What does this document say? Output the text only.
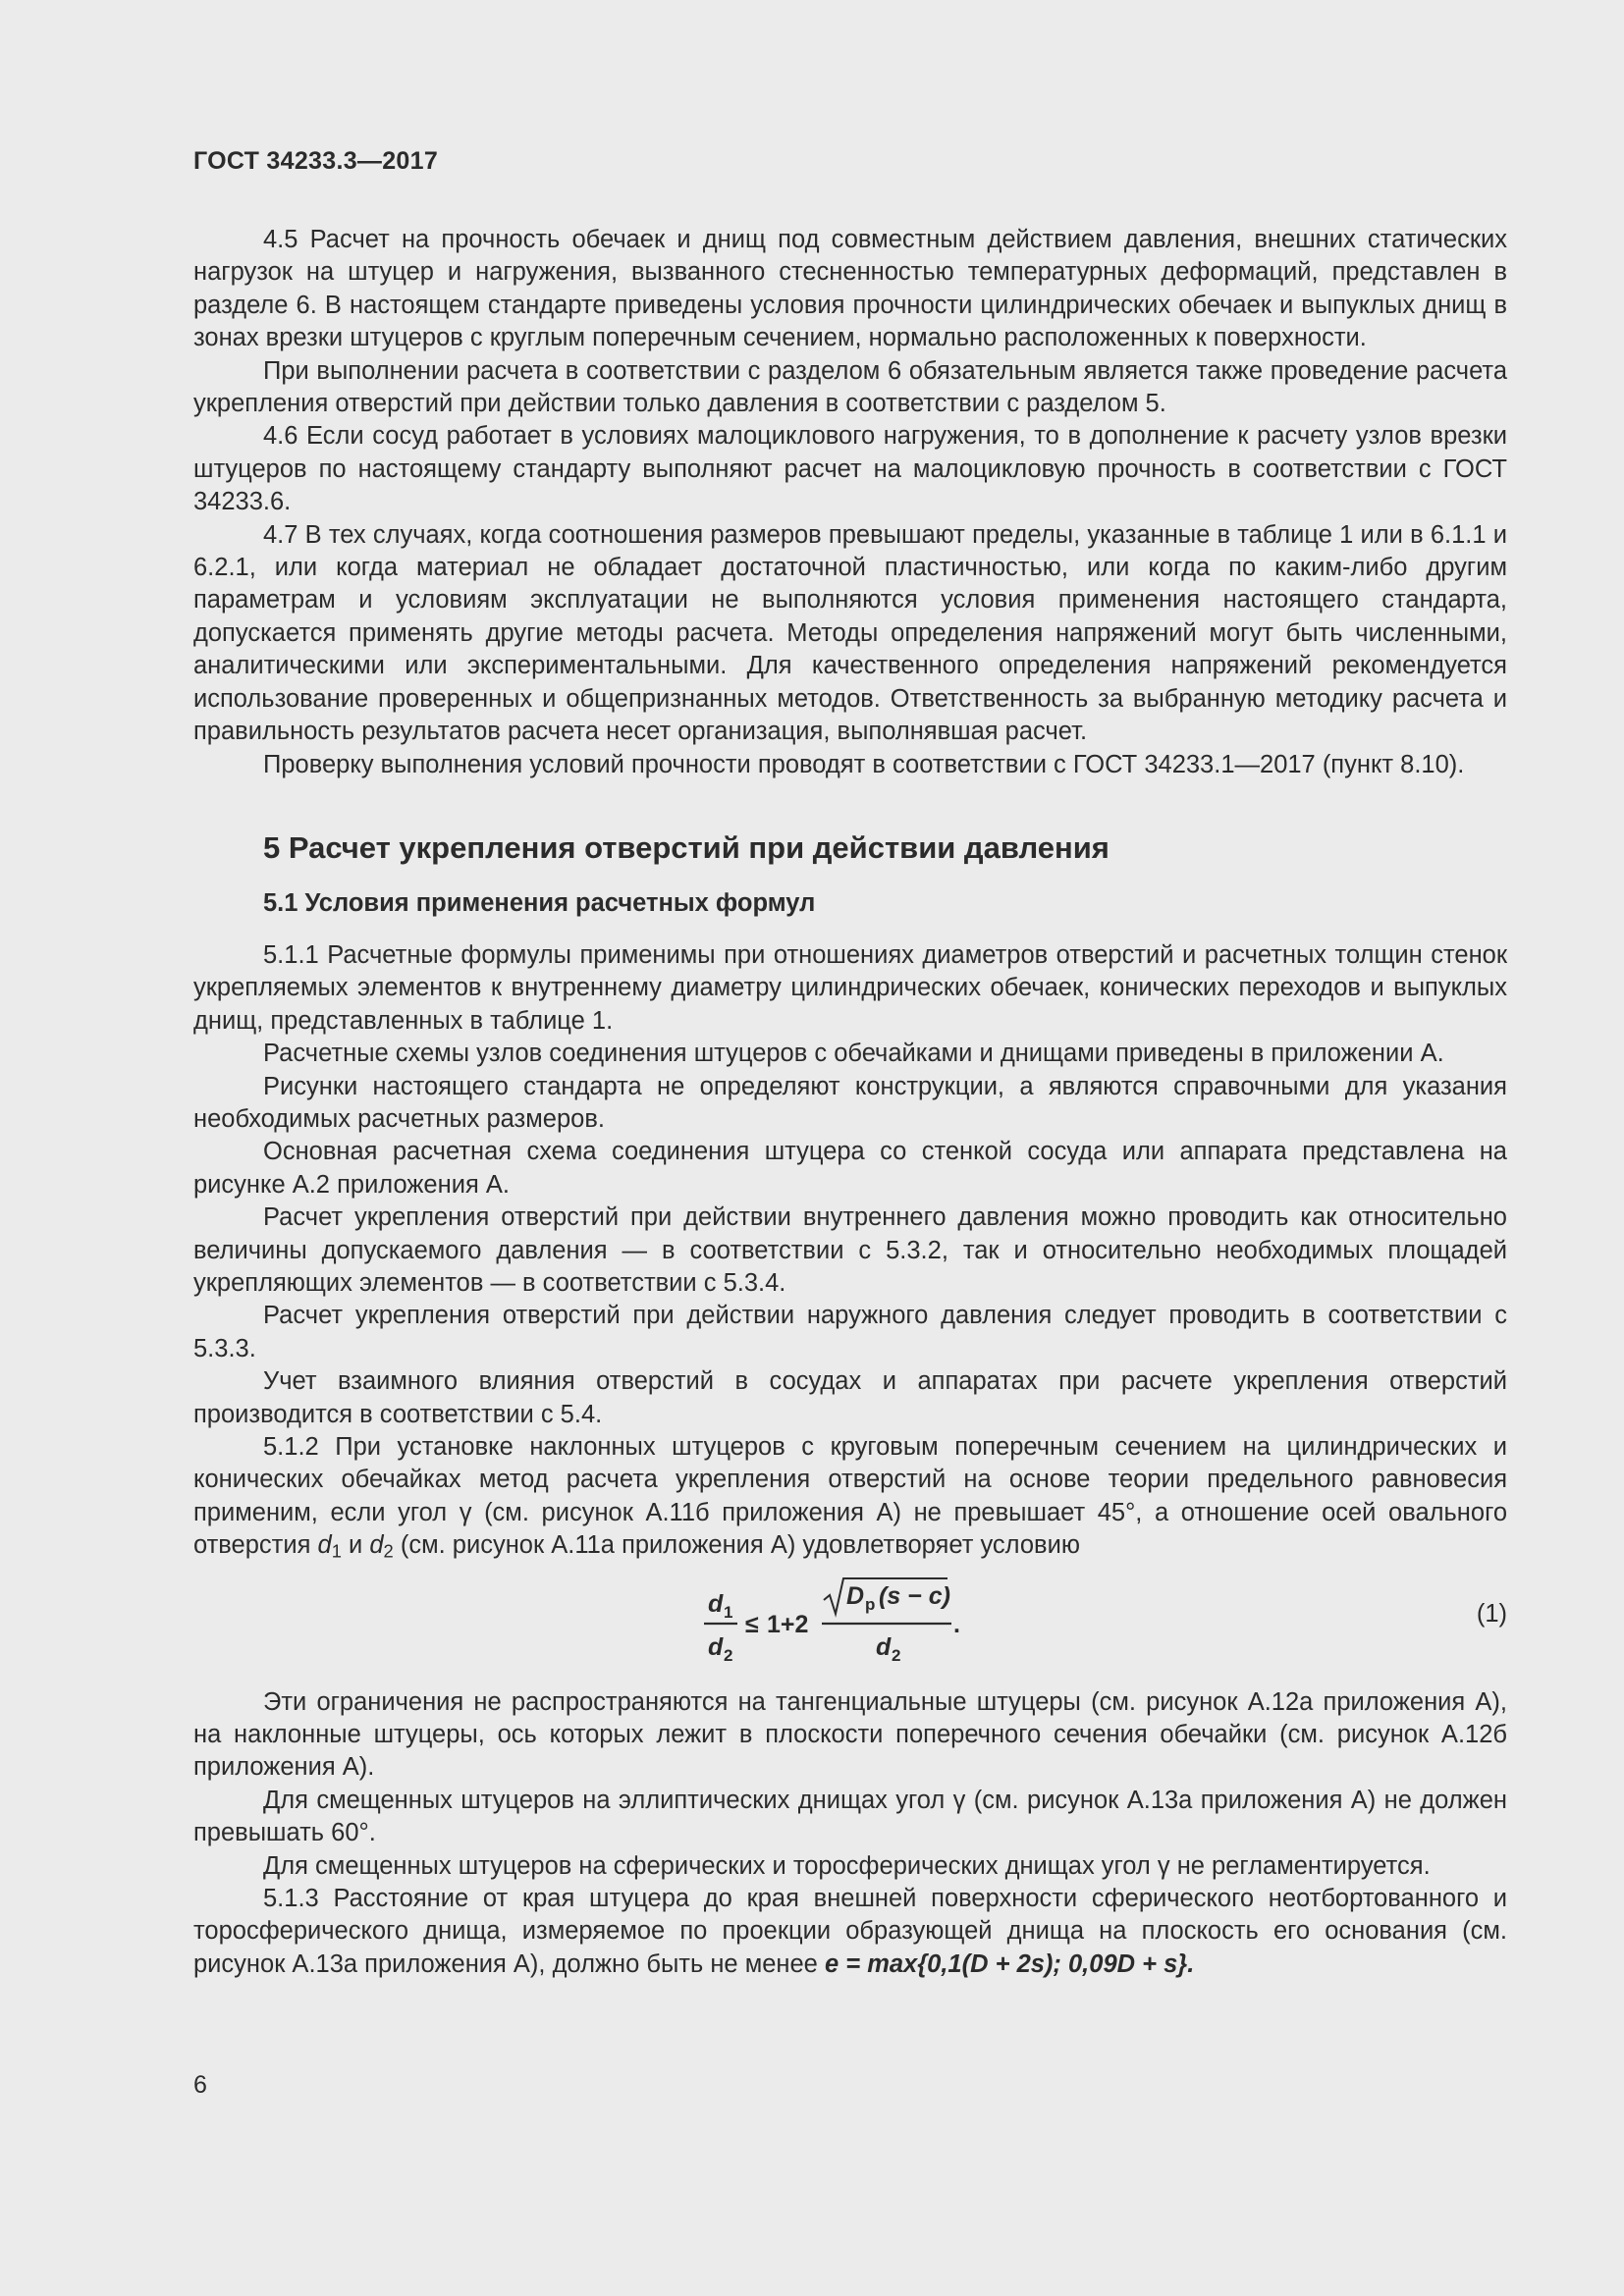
ГОСТ 34233.3—2017

4.5 Расчет на прочность обечаек и днищ под совместным действием давления, внешних статических нагрузок на штуцер и нагружения, вызванного стесненностью температурных деформаций, представлен в разделе 6. В настоящем стандарте приведены условия прочности цилиндрических обечаек и выпуклых днищ в зонах врезки штуцеров с круглым поперечным сечением, нормально расположенных к поверхности.

При выполнении расчета в соответствии с разделом 6 обязательным является также проведение расчета укрепления отверстий при действии только давления в соответствии с разделом 5.

4.6 Если сосуд работает в условиях малоциклового нагружения, то в дополнение к расчету узлов врезки штуцеров по настоящему стандарту выполняют расчет на малоцикловую прочность в соответствии с ГОСТ 34233.6.

4.7 В тех случаях, когда соотношения размеров превышают пределы, указанные в таблице 1 или в 6.1.1 и 6.2.1, или когда материал не обладает достаточной пластичностью, или когда по каким-либо другим параметрам и условиям эксплуатации не выполняются условия применения настоящего стандарта, допускается применять другие методы расчета. Методы определения напряжений могут быть численными, аналитическими или экспериментальными. Для качественного определения напряжений рекомендуется использование проверенных и общепризнанных методов. Ответственность за выбранную методику расчета и правильность результатов расчета несет организация, выполнявшая расчет.

Проверку выполнения условий прочности проводят в соответствии с ГОСТ 34233.1—2017 (пункт 8.10).

5 Расчет укрепления отверстий при действии давления
5.1 Условия применения расчетных формул

5.1.1 Расчетные формулы применимы при отношениях диаметров отверстий и расчетных толщин стенок укрепляемых элементов к внутреннему диаметру цилиндрических обечаек, конических переходов и выпуклых днищ, представленных в таблице 1.

Расчетные схемы узлов соединения штуцеров с обечайками и днищами приведены в приложении А.

Рисунки настоящего стандарта не определяют конструкции, а являются справочными для указания необходимых расчетных размеров.

Основная расчетная схема соединения штуцера со стенкой сосуда или аппарата представлена на рисунке А.2 приложения А.

Расчет укрепления отверстий при действии внутреннего давления можно проводить как относительно величины допускаемого давления — в соответствии с 5.3.2, так и относительно необходимых площадей укрепляющих элементов — в соответствии с 5.3.4.

Расчет укрепления отверстий при действии наружного давления следует проводить в соответствии с 5.3.3.

Учет взаимного влияния отверстий в сосудах и аппаратах при расчете укрепления отверстий производится в соответствии с 5.4.

5.1.2 При установке наклонных штуцеров с круговым поперечным сечением на цилиндрических и конических обечайках метод расчета укрепления отверстий на основе теории предельного равновесия применим, если угол γ (см. рисунок А.11б приложения А) не превышает 45°, а отношение осей овального отверстия $d_1$ и $d_2$ (см. рисунок А.11а приложения А) удовлетворяет условию

d 1
d 2
≤ 1+2
D p (s − c)
d 2
.	(1)

Эти ограничения не распространяются на тангенциальные штуцеры (см. рисунок А.12а приложения А), на наклонные штуцеры, ось которых лежит в плоскости поперечного сечения обечайки (см. рисунок А.12б приложения А).

Для смещенных штуцеров на эллиптических днищах угол γ (см. рисунок А.13а приложения А) не должен превышать 60°.

Для смещенных штуцеров на сферических и торосферических днищах угол γ не регламентируется.

5.1.3 Расстояние от края штуцера до края внешней поверхности сферического неотбортованного и торосферического днища, измеряемое по проекции образующей днища на плоскость его основания (см. рисунок А.13а приложения А), должно быть не менее e = max{0,1(D + 2s); 0,09D + s}.

6
